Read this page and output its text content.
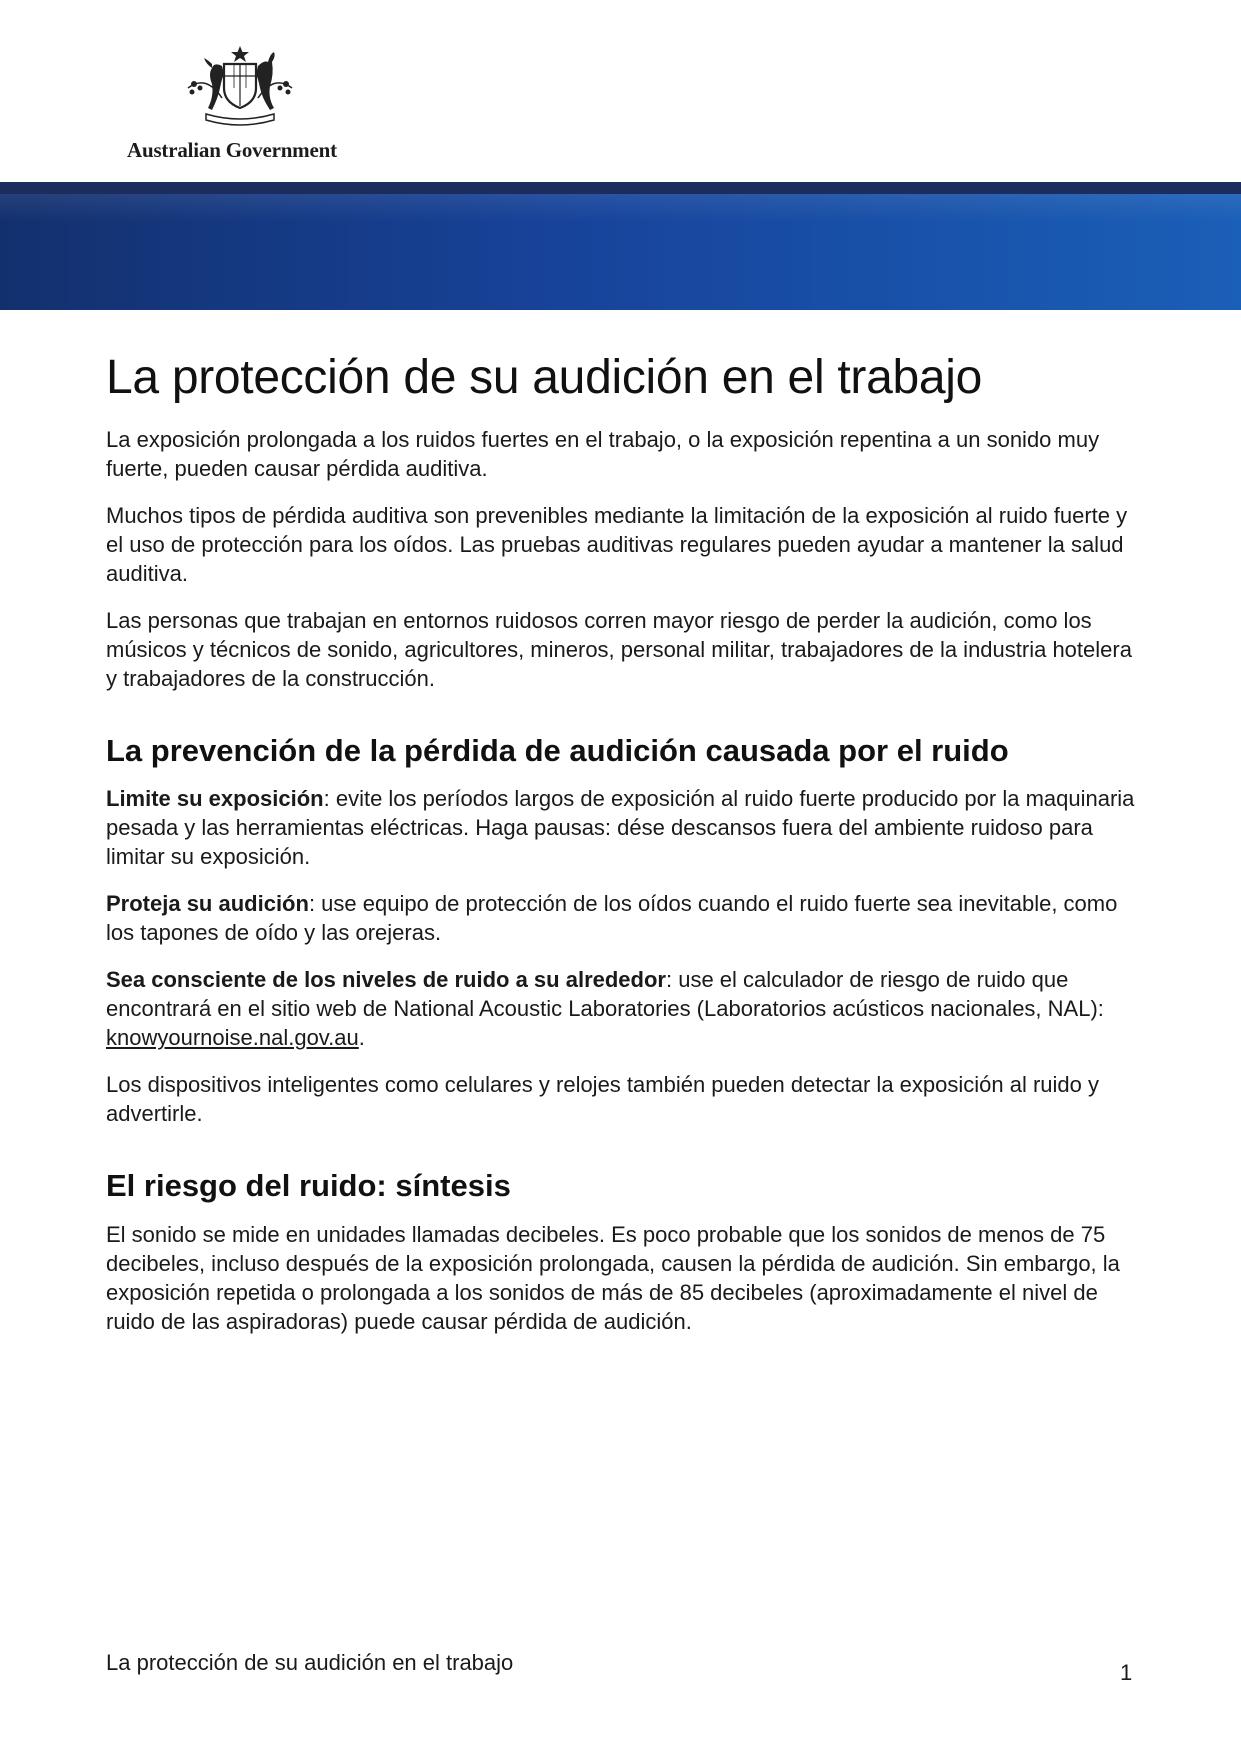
Australian Government
La protección de su audición en el trabajo

La exposición prolongada a los ruidos fuertes en el trabajo, o la exposición repentina a un sonido muy fuerte, pueden causar pérdida auditiva.

Muchos tipos de pérdida auditiva son prevenibles mediante la limitación de la exposición al ruido fuerte y el uso de protección para los oídos. Las pruebas auditivas regulares pueden ayudar a mantener la salud auditiva.

Las personas que trabajan en entornos ruidosos corren mayor riesgo de perder la audición, como los músicos y técnicos de sonido, agricultores, mineros, personal militar, trabajadores de la industria hotelera y trabajadores de la construcción.

La prevención de la pérdida de audición causada por el ruido

Limite su exposición: evite los períodos largos de exposición al ruido fuerte producido por la maquinaria pesada y las herramientas eléctricas. Haga pausas: dése descansos fuera del ambiente ruidoso para limitar su exposición.

Proteja su audición: use equipo de protección de los oídos cuando el ruido fuerte sea inevitable, como los tapones de oído y las orejeras.

Sea consciente de los niveles de ruido a su alrededor: use el calculador de riesgo de ruido que encontrará en el sitio web de National Acoustic Laboratories (Laboratorios acústicos nacionales, NAL): knowyournoise.nal.gov.au.

Los dispositivos inteligentes como celulares y relojes también pueden detectar la exposición al ruido y advertirle.

El riesgo del ruido: síntesis

El sonido se mide en unidades llamadas decibeles. Es poco probable que los sonidos de menos de 75 decibeles, incluso después de la exposición prolongada, causen la pérdida de audición. Sin embargo, la exposición repetida o prolongada a los sonidos de más de 85 decibeles (aproximadamente el nivel de ruido de las aspiradoras) puede causar pérdida de audición.

La protección de su audición en el trabajo	1
